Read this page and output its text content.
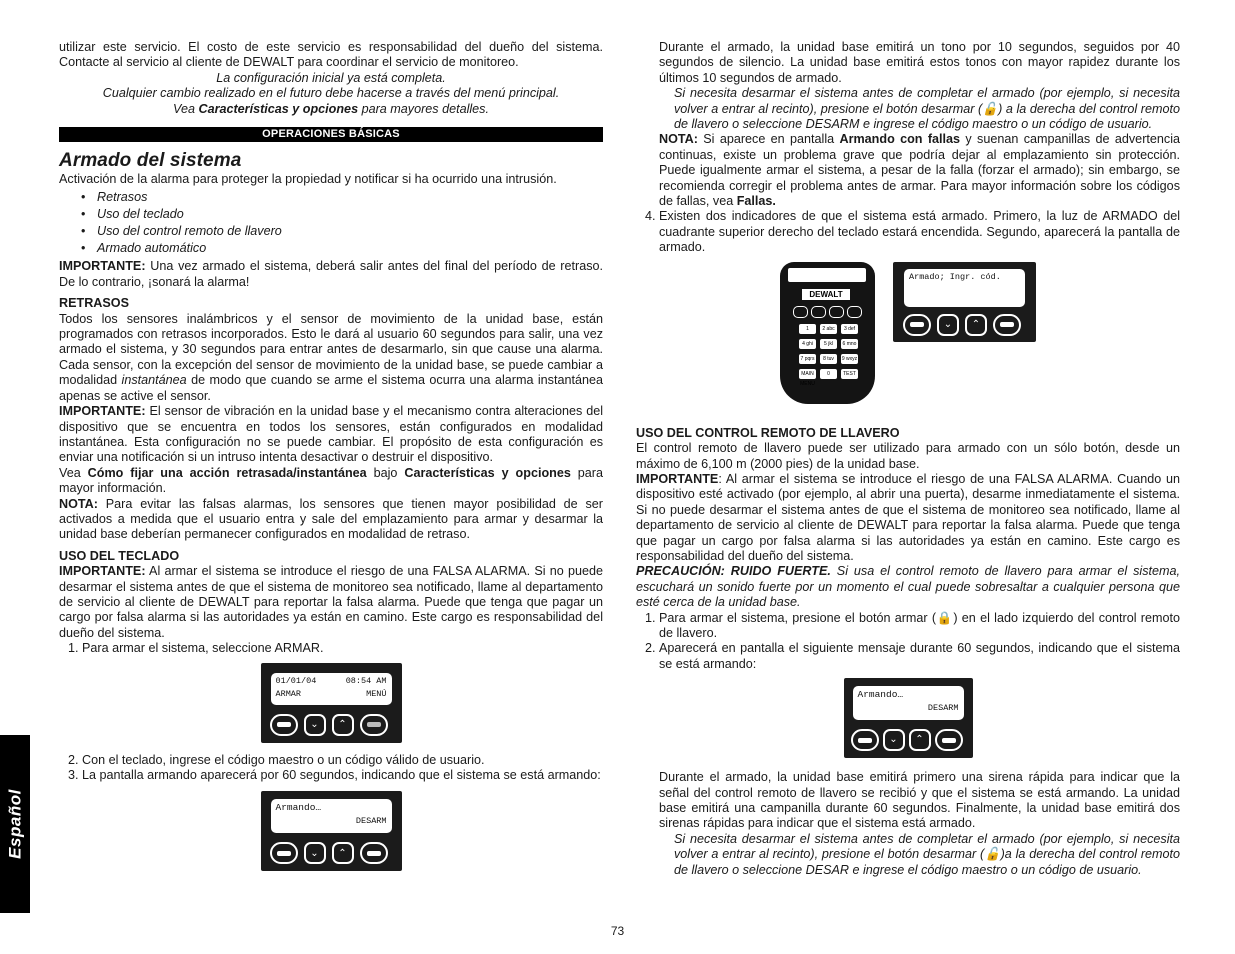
utilizar este servicio. El costo de este servicio es responsabilidad del dueño del sistema. Contacte al servicio al cliente de DEWALT para coordinar el servicio de monitoreo.

La configuración inicial ya está completa.

Cualquier cambio realizado en el futuro debe hacerse a través del menú principal.

Vea Características y opciones para mayores detalles.

OPERACIONES BÁSICAS
Armado del sistema

Activación de la alarma para proteger la propiedad y notificar si ha ocurrido una intrusión.

• Retrasos
• Uso del teclado
• Uso del control remoto de llavero
• Armado automático

IMPORTANTE: Una vez armado el sistema, deberá salir antes del final del período de retraso. De lo contrario, ¡sonará la alarma!

RETRASOS

Todos los sensores inalámbricos y el sensor de movimiento de la unidad base, están programados con retrasos incorporados. Esto le dará al usuario 60 segundos para salir, una vez armado el sistema, y 30 segundos para entrar antes de desarmarlo, sin que cause una alarma. Cada sensor, con la excepción del sensor de movimiento de la unidad base, se puede cambiar a modalidad instantánea de modo que cuando se arme el sistema ocurra una alarma instantánea apenas se active el sensor.

IMPORTANTE: El sensor de vibración en la unidad base y el mecanismo contra alteraciones del dispositivo que se encuentra en todos los sensores, están configurados en modalidad instantánea. Esta configuración no se puede cambiar. El propósito de esta configuración es enviar una notificación si un intruso intenta desactivar o destruir el dispositivo.

Vea Cómo fijar una acción retrasada/instantánea bajo Características y opciones para mayor información.

NOTA: Para evitar las falsas alarmas, los sensores que tienen mayor posibilidad de ser activados a medida que el usuario entra y sale del emplazamiento para armar y desarmar la unidad base deberían permanecer configurados en modalidad de retraso.

USO DEL TECLADO

IMPORTANTE: Al armar el sistema se introduce el riesgo de una FALSA ALARMA. Si no puede desarmar el sistema antes de que el sistema de monitoreo sea notificado, llame al departamento de servicio al cliente de DEWALT para reportar la falsa alarma. Puede que tenga que pagar un cargo por falsa alarma si las autoridades ya están en camino. Este cargo es responsabilidad del dueño del sistema.

1. Para armar el sistema, seleccione ARMAR.
01/01/04	08:54 AM
ARMAR	MENÚ
⌄ ⌃
2. Con el teclado, ingrese el código maestro o un código válido de usuario.
3. La pantalla armando aparecerá por 60 segundos, indicando que el sistema se está armando:
Armando…
DESARM
⌄ ⌃

Durante el armado, la unidad base emitirá un tono por 10 segundos, seguidos por 40 segundos de silencio. La unidad base emitirá estos tonos con mayor rapidez durante los últimos 10 segundos de armado.

Si necesita desarmar el sistema antes de completar el armado (por ejemplo, si necesita volver a entrar al recinto), presione el botón desarmar (🔓) a la derecha del control remoto de llavero o seleccione DESARM e ingrese el código maestro o un código de usuario.

NOTA: Si aparece en pantalla Armando con fallas y suenan campanillas de advertencia continuas, existe un problema grave que podría dejar al emplazamiento sin protección. Puede igualmente armar el sistema, a pesar de la falla (forzar el armado); sin embargo, se recomienda corregir el problema antes de armar. Para mayor información sobre los códigos de fallas, vea Fallas.

4. Existen dos indicadores de que el sistema está armado. Primero, la luz de ARMADO del cuadrante superior derecho del teclado estará encendida. Segundo, aparecerá la pantalla de armado.
DEWALT
1	2 abc	3 def
4 ghi	5 jkl	6 mno
7 pqrs	8 tuv	9 wxyz
MAIN MENU
0	TEST
Armado; Ingr. cód.
⌄ ⌃
USO DEL CONTROL REMOTO DE LLAVERO

El control remoto de llavero puede ser utilizado para armado con un sólo botón, desde un máximo de 6,100 m (2000 pies) de la unidad base.

IMPORTANTE: Al armar el sistema se introduce el riesgo de una FALSA ALARMA. Cuando un dispositivo esté activado (por ejemplo, al abrir una puerta), desarme inmediatamente el sistema. Si no puede desarmar el sistema antes de que el sistema de monitoreo sea notificado, llame al departamento de servicio al cliente de DEWALT para reportar la falsa alarma. Puede que tenga que pagar un cargo por falsa alarma si las autoridades ya están en camino. Este cargo es responsabilidad del dueño del sistema.

PRECAUCIÓN: RUIDO FUERTE. Si usa el control remoto de llavero para armar el sistema, escuchará un sonido fuerte por un momento el cual puede sobresaltar a cualquier persona que esté cerca de la unidad base.

1. Para armar el sistema, presione el botón armar (🔒) en el lado izquierdo del control remoto de llavero.
2. Aparecerá en pantalla el siguiente mensaje durante 60 segundos, indicando que el sistema se está armando:
Armando…
DESARM
⌄ ⌃

Durante el armado, la unidad base emitirá primero una sirena rápida para indicar que la señal del control remoto de llavero se recibió y que el sistema se está armando. La unidad base emitirá una campanilla durante 60 segundos. Finalmente, la unidad base emitirá dos sirenas rápidas para indicar que el sistema está armado.

Si necesita desarmar el sistema antes de completar el armado (por ejemplo, si necesita volver a entrar al recinto), presione el botón desarmar (🔓)a la derecha del control remoto de llavero o seleccione DESAR e ingrese el código maestro o un código de usuario.

Español
73
